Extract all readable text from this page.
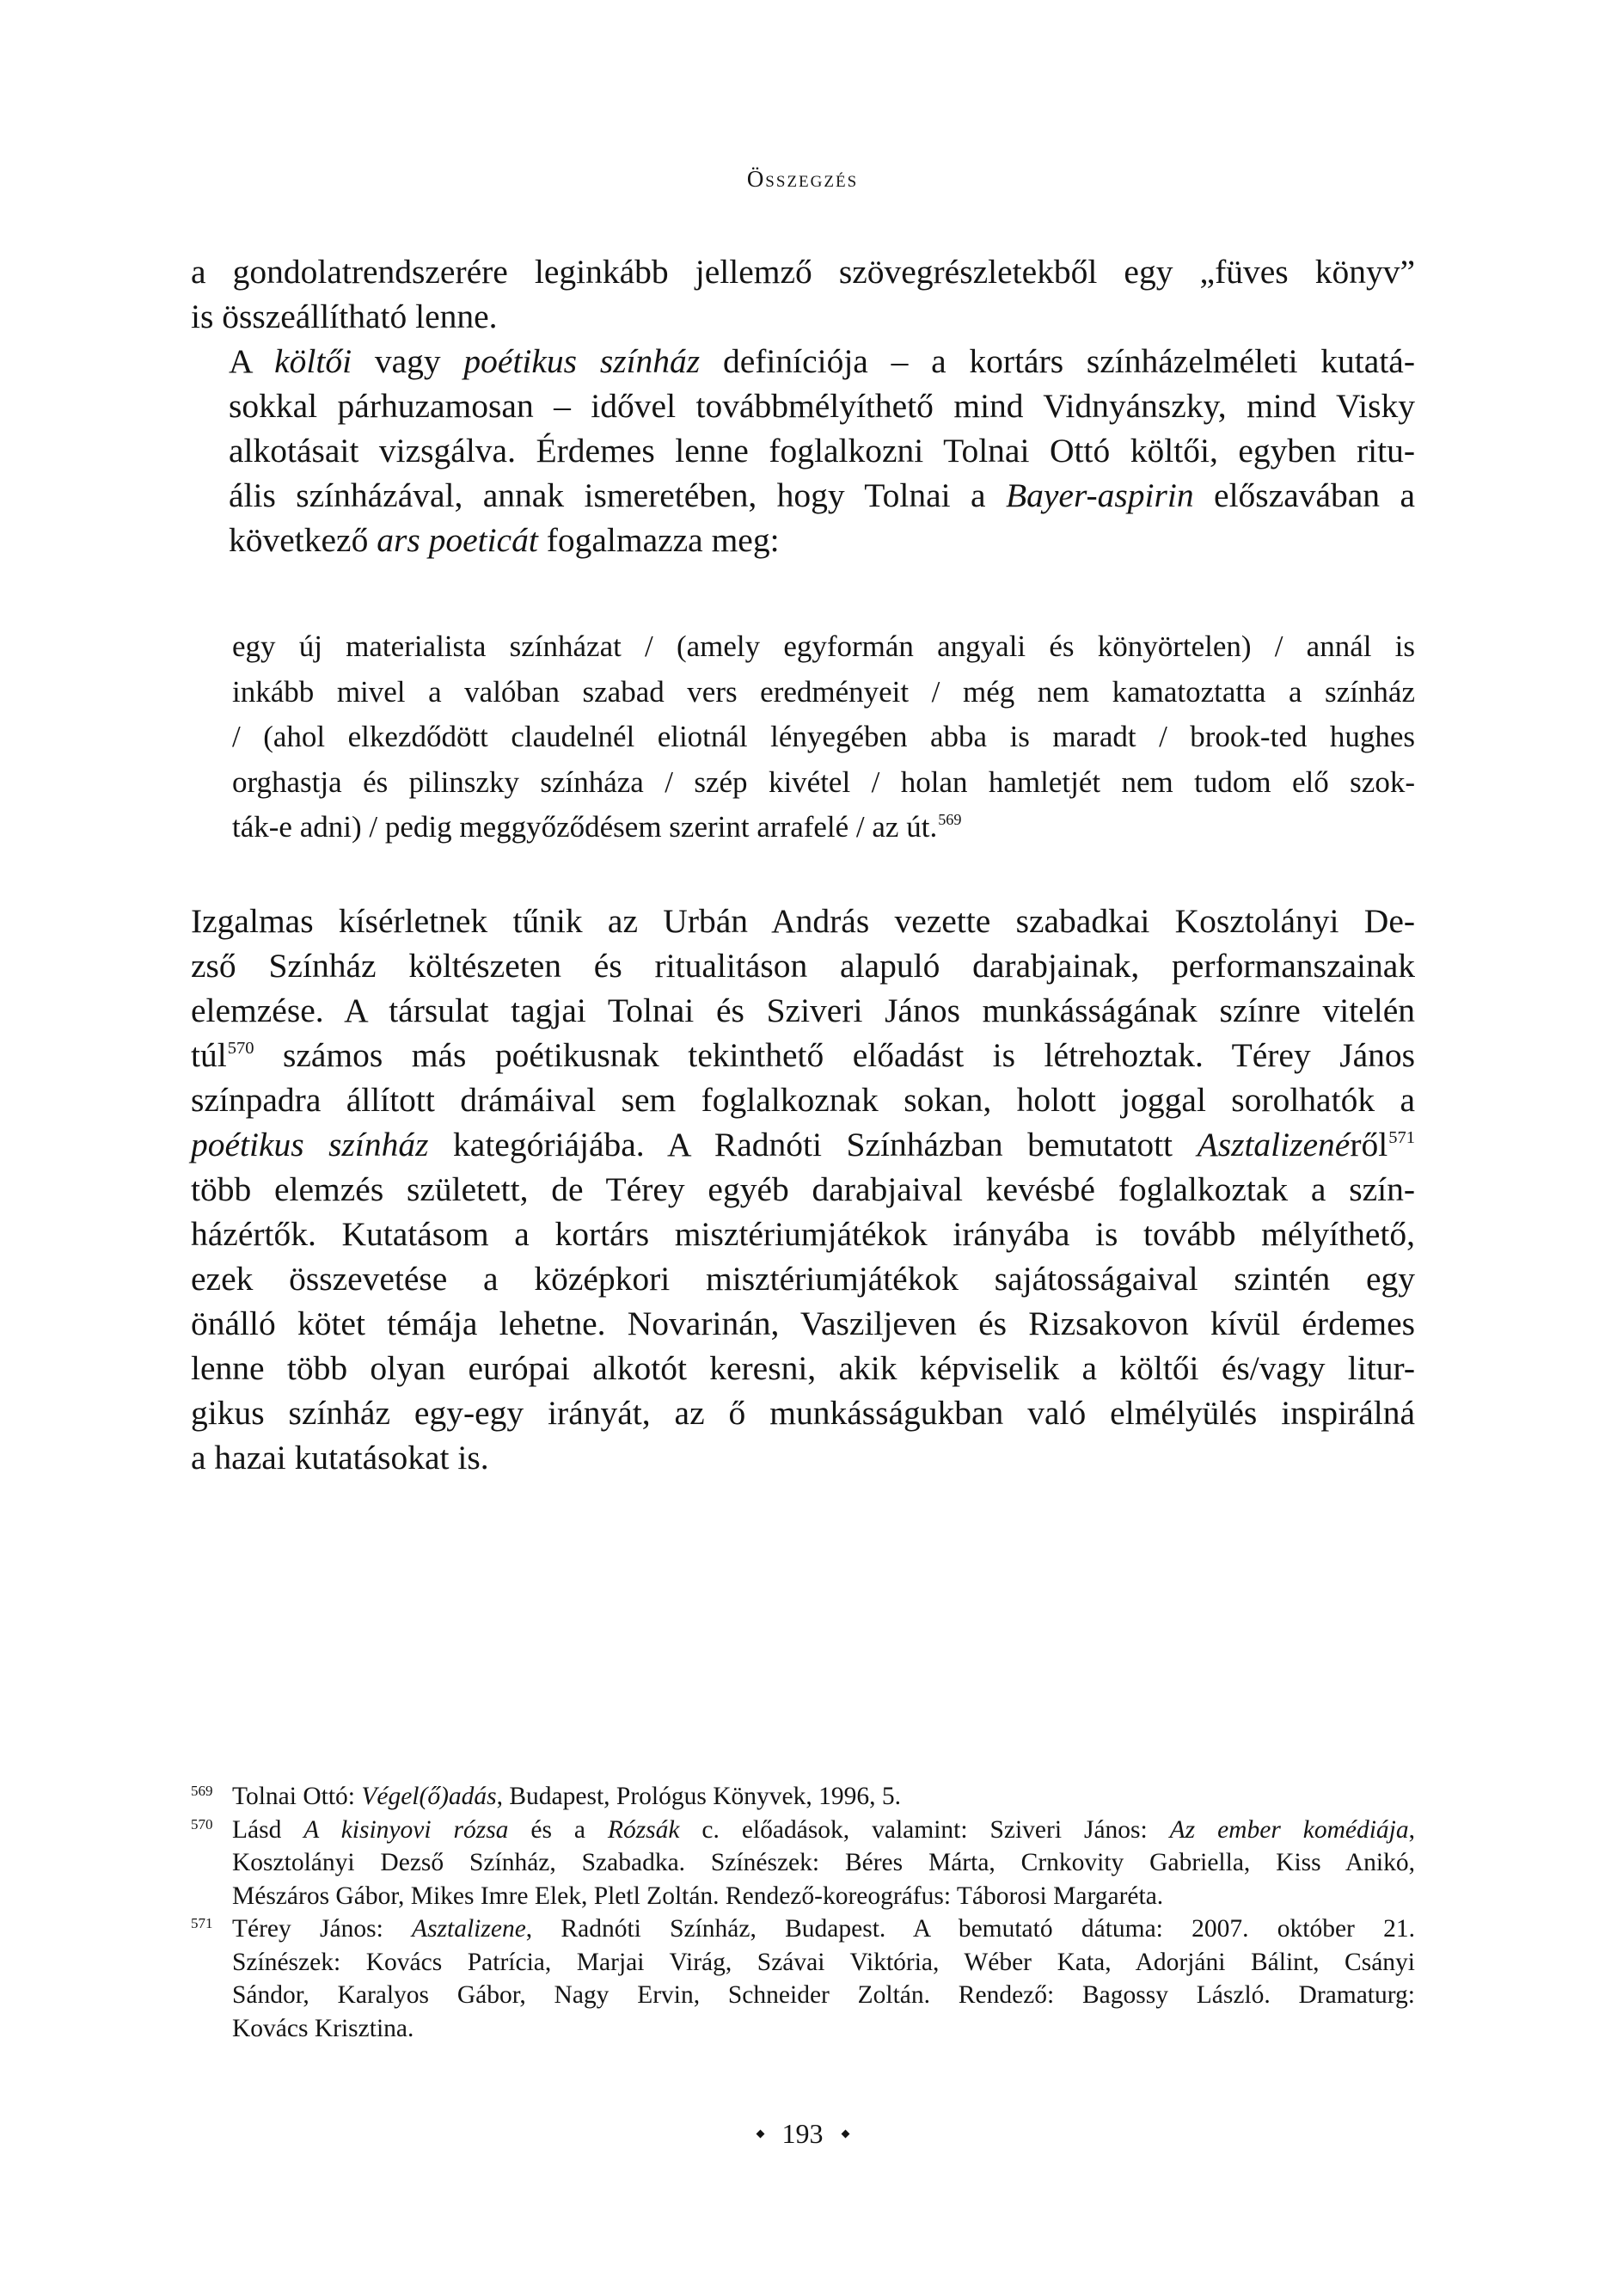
Összegzés
a gondolatrendszerére leginkább jellemző szövegrészletekből egy „füves könyv”
is összeállítható lenne.
A költői vagy poétikus színház definíciója – a kortárs színházelméleti kutatá-
sokkal párhuzamosan – idővel továbbmélyíthető mind Vidnyánszky, mind Visky
alkotásait vizsgálva. Érdemes lenne foglalkozni Tolnai Ottó költői, egyben ritu-
ális színházával, annak ismeretében, hogy Tolnai a Bayer-aspirin előszavában a
következő ars poeticát fogalmazza meg:
egy új materialista színházat / (amely egyformán angyali és könyörtelen) / annál is
inkább mivel a valóban szabad vers eredményeit / még nem kamatoztatta a színház
/ (ahol elkezdődött claudelnél eliotnál lényegében abba is maradt / brook-ted hughes
orghastja és pilinszky színháza / szép kivétel / holan hamletjét nem tudom elő szok-
ták-e adni) / pedig meggyőződésem szerint arrafelé / az út.$^{569}$
Izgalmas kísérletnek tűnik az Urbán András vezette szabadkai Kosztolányi De-
zső Színház költészeten és ritualitáson alapuló darabjainak, performanszainak
elemzése. A társulat tagjai Tolnai és Sziveri János munkásságának színre vitelén
túl$^{570}$ számos más poétikusnak tekinthető előadást is létrehoztak. Térey János
színpadra állított drámáival sem foglalkoznak sokan, holott joggal sorolhatók a
poétikus színház kategóriájába. A Radnóti Színházban bemutatott Asztalizenéről$^{571}$
több elemzés született, de Térey egyéb darabjaival kevésbé foglalkoztak a szín-
házértők. Kutatásom a kortárs misztériumjátékok irányába is tovább mélyíthető,
ezek összevetése a középkori misztériumjátékok sajátosságaival szintén egy
önálló kötet témája lehetne. Novarinán, Vasziljeven és Rizsakovon kívül érdemes
lenne több olyan európai alkotót keresni, akik képviselik a költői és/vagy litur-
gikus színház egy-egy irányát, az ő munkásságukban való elmélyülés inspirálná
a hazai kutatásokat is.
569 Tolnai Ottó: Végel(ő)adás, Budapest, Prológus Könyvek, 1996, 5.
570 Lásd A kisinyovi rózsa és a Rózsák c. előadások, valamint: Sziveri János: Az ember komédiája,
Kosztolányi Dezső Színház, Szabadka. Színészek: Béres Márta, Crnkovity Gabriella, Kiss Anikó,
Mészáros Gábor, Mikes Imre Elek, Pletl Zoltán. Rendező-koreográfus: Táborosi Margaréta.
571 Térey János: Asztalizene, Radnóti Színház, Budapest. A bemutató dátuma: 2007. október 21.
Színészek: Kovács Patrícia, Marjai Virág, Szávai Viktória, Wéber Kata, Adorjáni Bálint, Csányi
Sándor, Karalyos Gábor, Nagy Ervin, Schneider Zoltán. Rendező: Bagossy László. Dramaturg:
Kovács Krisztina.
193
